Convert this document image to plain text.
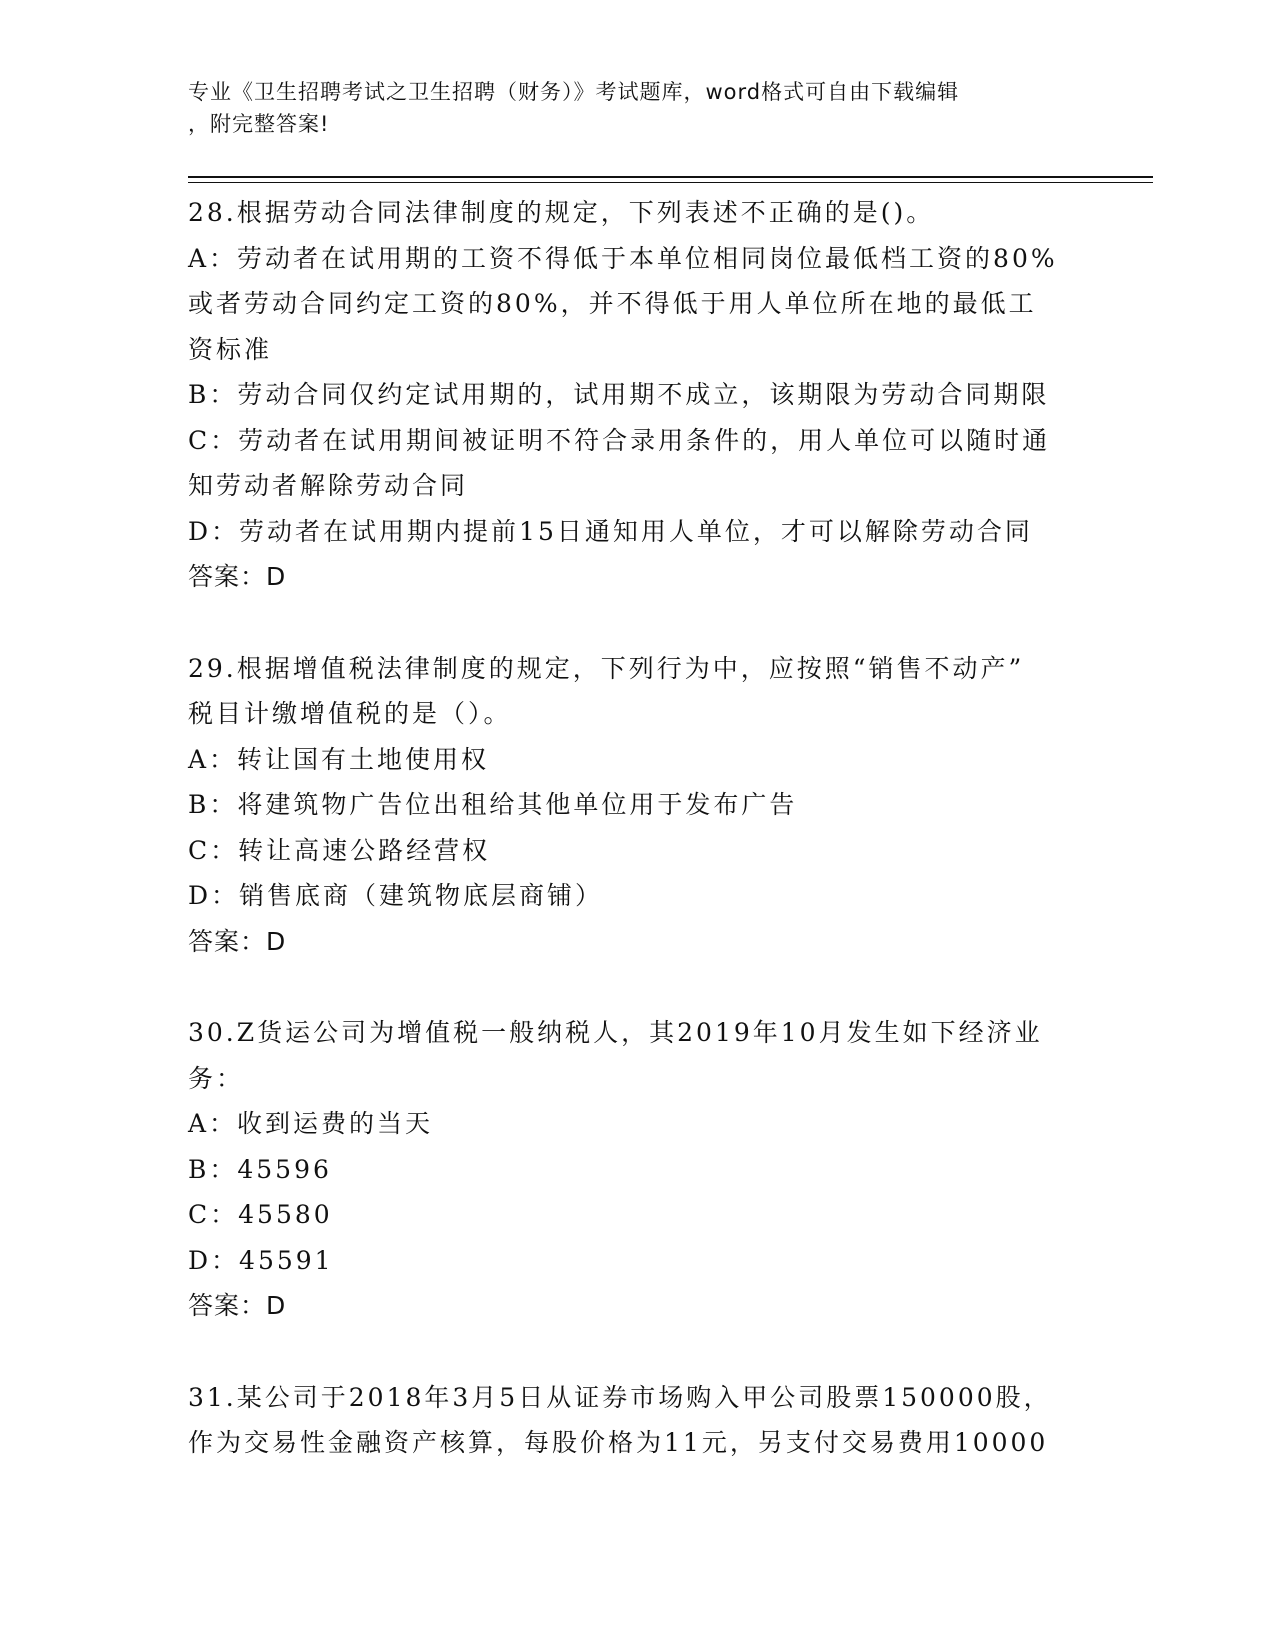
专业《卫生招聘考试之卫生招聘（财务）》考试题库，word格式可自由下载编辑
，附完整答案!
28.根据劳动合同法律制度的规定，下列表述不正确的是()。
A：劳动者在试用期的工资不得低于本单位相同岗位最低档工资的80%
或者劳动合同约定工资的80%，并不得低于用人单位所在地的最低工
资标准
B：劳动合同仅约定试用期的，试用期不成立，该期限为劳动合同期限
C：劳动者在试用期间被证明不符合录用条件的，用人单位可以随时通
知劳动者解除劳动合同
D：劳动者在试用期内提前15日通知用人单位，才可以解除劳动合同
答案：D
29.根据增值税法律制度的规定，下列行为中，应按照“销售不动产”
税目计缴增值税的是（）。
A：转让国有土地使用权
B：将建筑物广告位出租给其他单位用于发布广告
C：转让高速公路经营权
D：销售底商（建筑物底层商铺）
答案：D
30.Z货运公司为增值税一般纳税人，其2019年10月发生如下经济业
务：
A：收到运费的当天
B：45596
C：45580
D：45591
答案：D
31.某公司于2018年3月5日从证券市场购入甲公司股票150000股，
作为交易性金融资产核算，每股价格为11元，另支付交易费用10000
